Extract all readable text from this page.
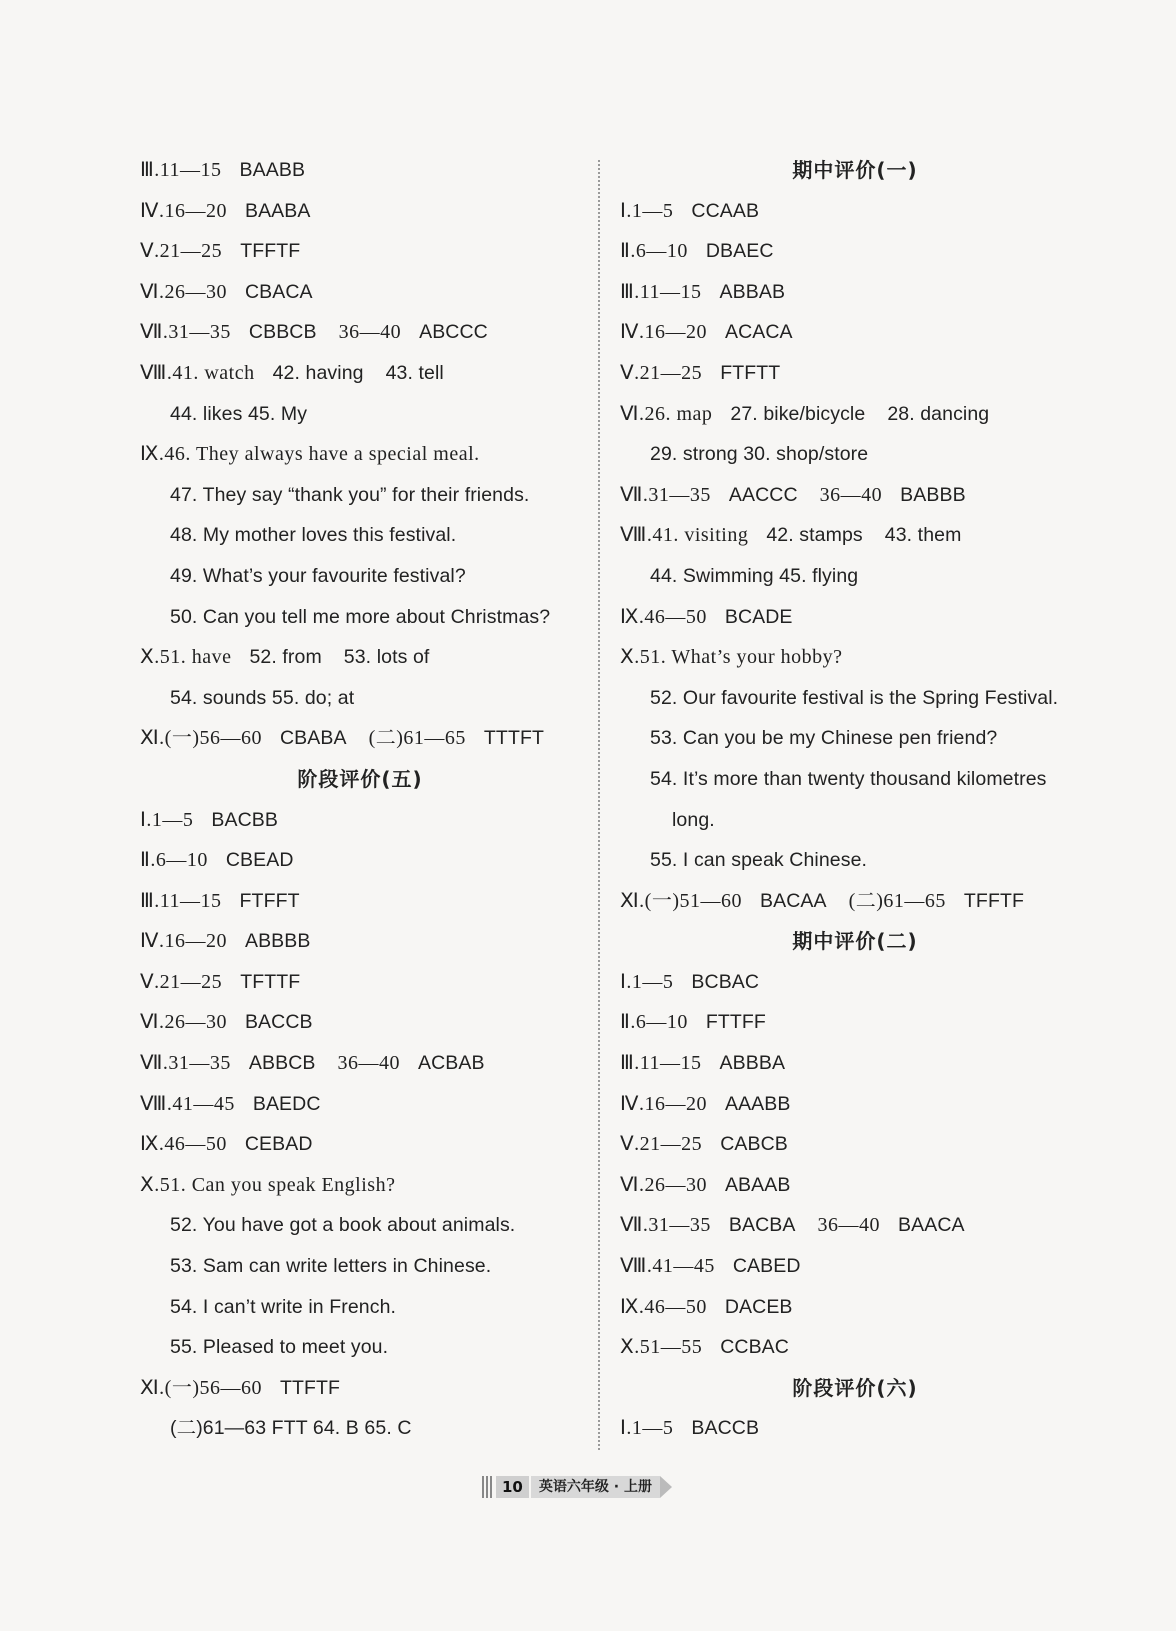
Ⅲ.11—15 BAABB
Ⅳ.16—20 BAABA
Ⅴ.21—25 TFFTF
Ⅵ.26—30 CBACA
Ⅶ.31—35 CBBCB 36—40 ABCCC
Ⅷ.41. watch 42. having 43. tell
44. likes 45. My
Ⅸ.46. They always have a special meal.
47. They say “thank you” for their friends.
48. My mother loves this festival.
49. What’s your favourite festival?
50. Can you tell me more about Christmas?
Ⅹ.51. have 52. from 53. lots of
54. sounds 55. do; at
Ⅺ.(一)56—60 CBABA (二)61—65 TTTFT
阶段评价(五)
Ⅰ.1—5 BACBB
Ⅱ.6—10 CBEAD
Ⅲ.11—15 FTFFT
Ⅳ.16—20 ABBBB
Ⅴ.21—25 TFTTF
Ⅵ.26—30 BACCB
Ⅶ.31—35 ABBCB 36—40 ACBAB
Ⅷ.41—45 BAEDC
Ⅸ.46—50 CEBAD
Ⅹ.51. Can you speak English?
52. You have got a book about animals.
53. Sam can write letters in Chinese.
54. I can’t write in French.
55. Pleased to meet you.
Ⅺ.(一)56—60 TTFTF
(二)61—63 FTT 64. B 65. C
期中评价(一)
Ⅰ.1—5 CCAAB
Ⅱ.6—10 DBAEC
Ⅲ.11—15 ABBAB
Ⅳ.16—20 ACACA
Ⅴ.21—25 FTFTT
Ⅵ.26. map 27. bike/bicycle 28. dancing
29. strong 30. shop/store
Ⅶ.31—35 AACCC 36—40 BABBB
Ⅷ.41. visiting 42. stamps 43. them
44. Swimming 45. flying
Ⅸ.46—50 BCADE
Ⅹ.51. What’s your hobby?
52. Our favourite festival is the Spring Festival.
53. Can you be my Chinese pen friend?
54. It’s more than twenty thousand kilometres
long.
55. I can speak Chinese.
Ⅺ.(一)51—60 BACAA (二)61—65 TFFTF
期中评价(二)
Ⅰ.1—5 BCBAC
Ⅱ.6—10 FTTFF
Ⅲ.11—15 ABBBA
Ⅳ.16—20 AAABB
Ⅴ.21—25 CABCB
Ⅵ.26—30 ABAAB
Ⅶ.31—35 BACBA 36—40 BAACA
Ⅷ.41—45 CABED
Ⅸ.46—50 DACEB
Ⅹ.51—55 CCBAC
阶段评价(六)
Ⅰ.1—5 BACCB
10	英语六年级 · 上册
